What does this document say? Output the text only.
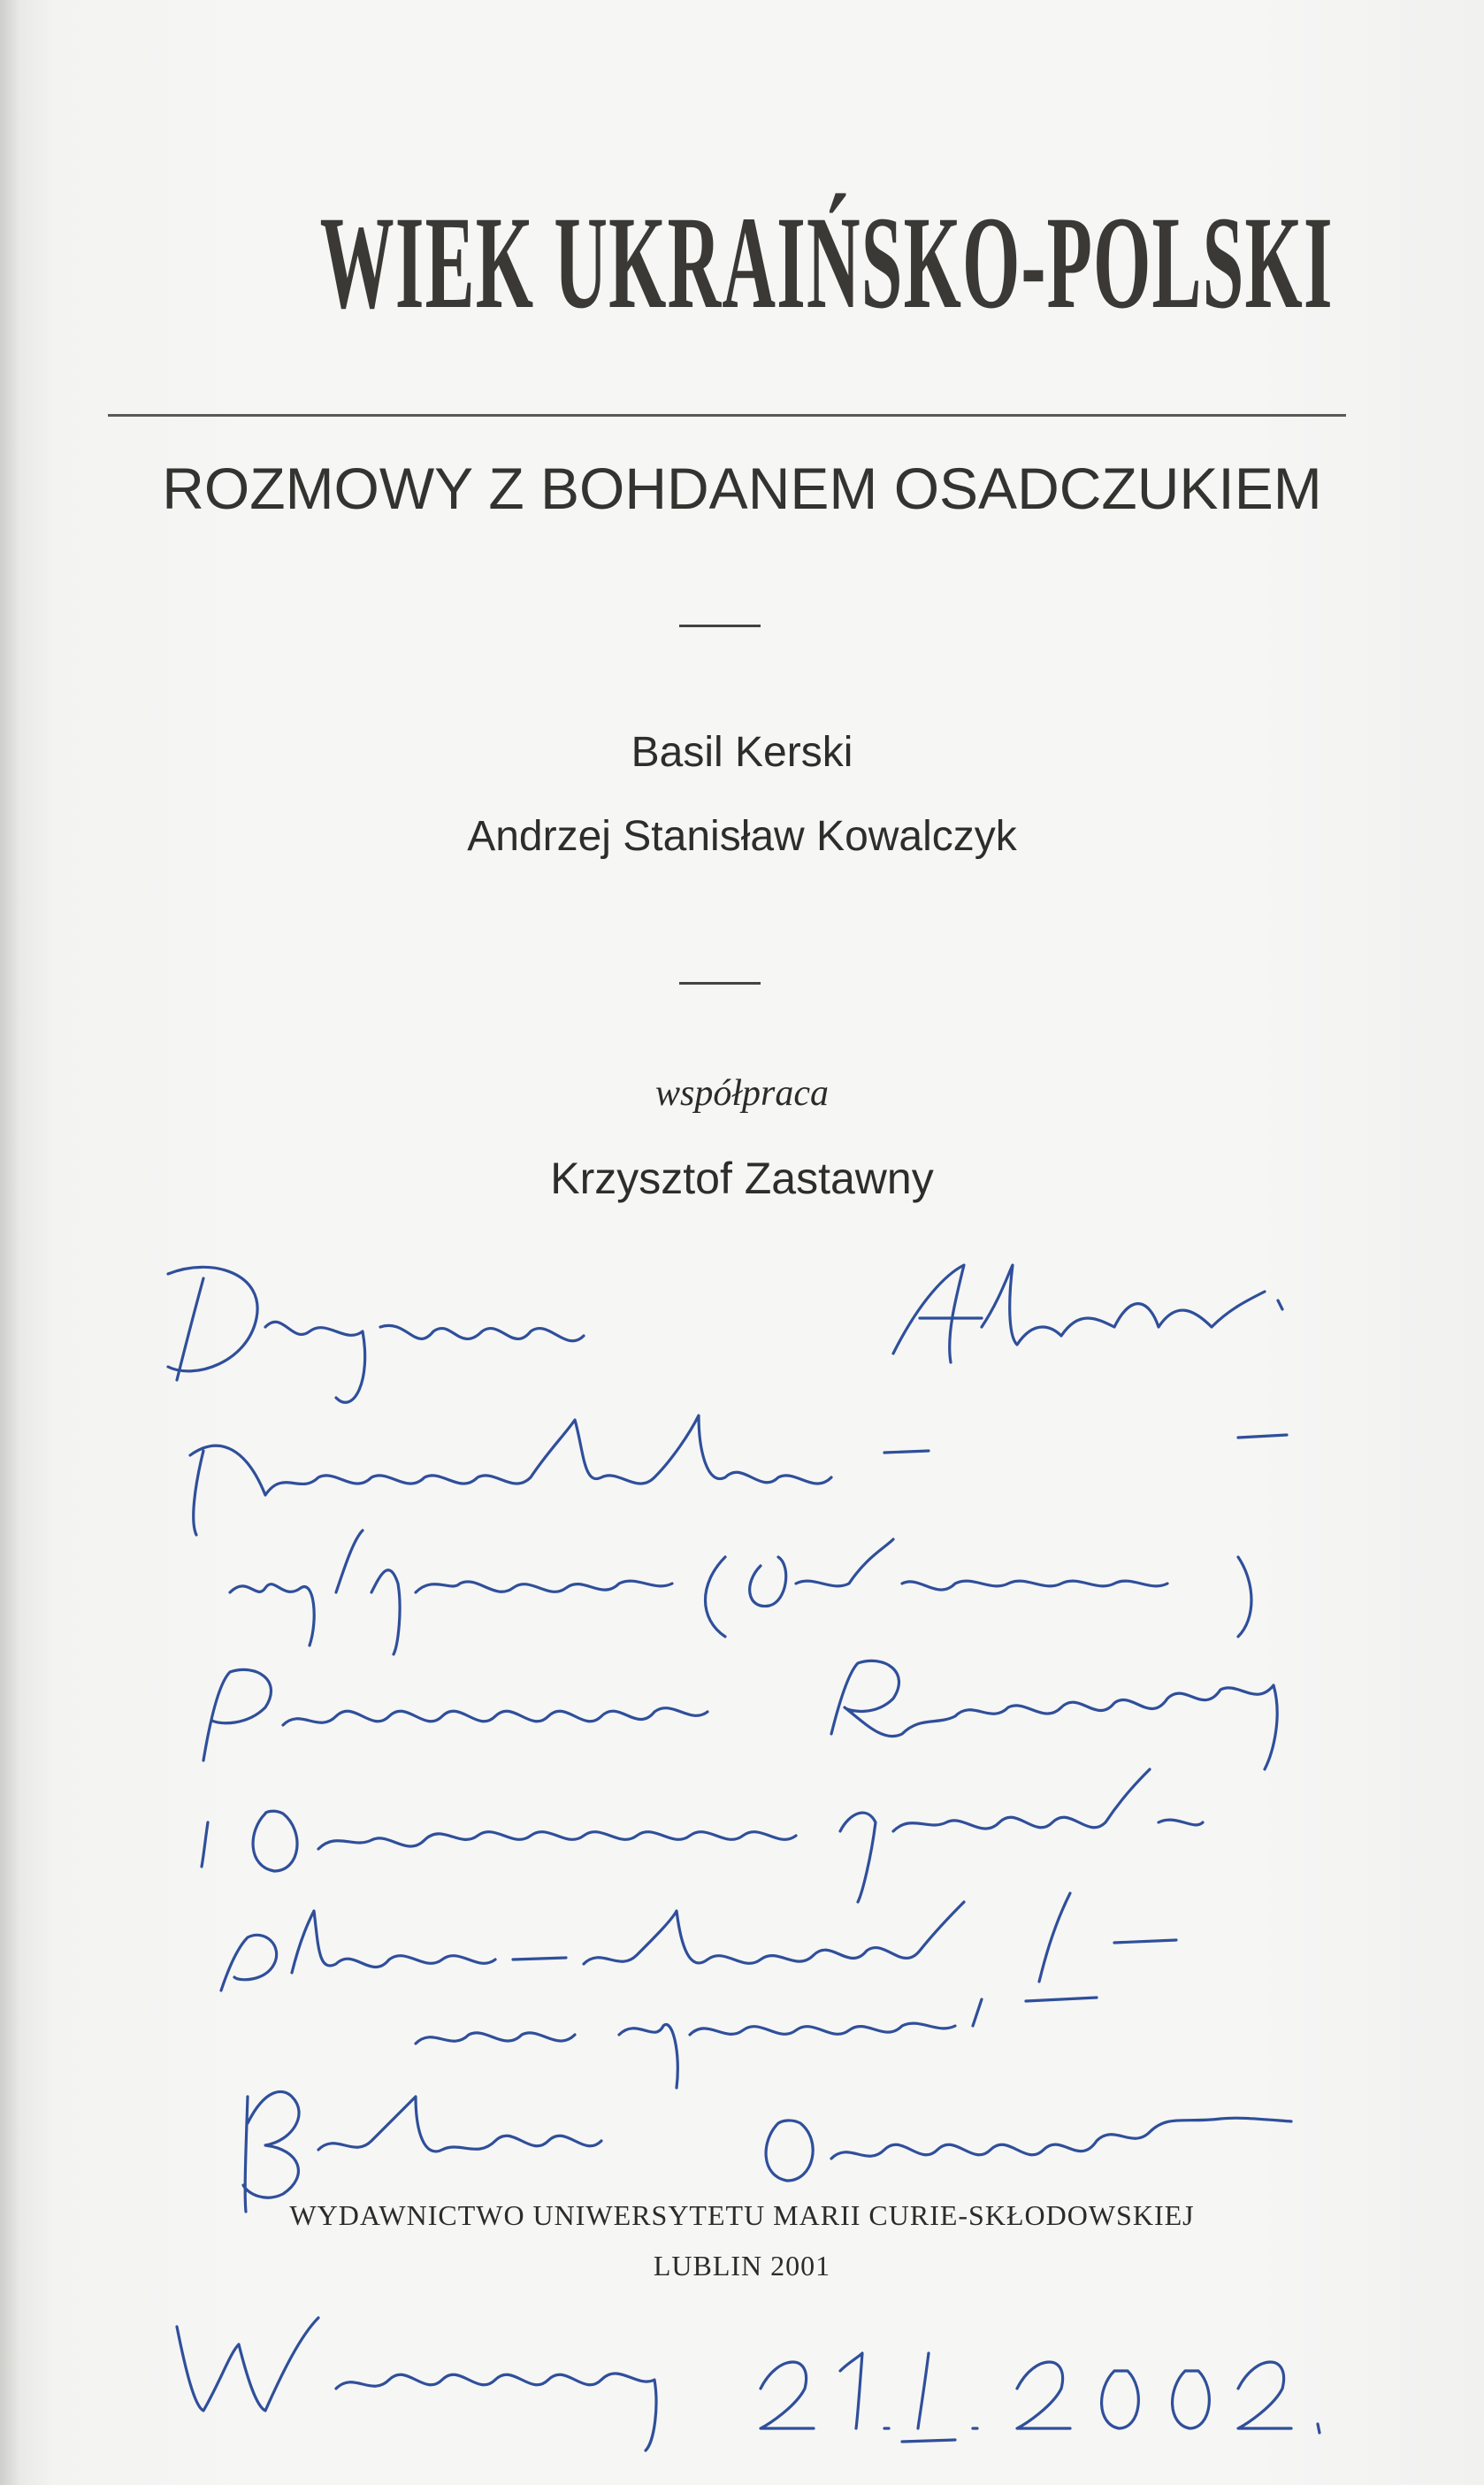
WIEK UKRAIŃSKO-POLSKI
ROZMOWY Z BOHDANEM OSADCZUKIEM
Basil Kerski
Andrzej Stanisław Kowalczyk
współpraca
Krzysztof Zastawny
WYDAWNICTWO UNIWERSYTETU MARII CURIE-SKŁODOWSKIEJ
LUBLIN 2001
